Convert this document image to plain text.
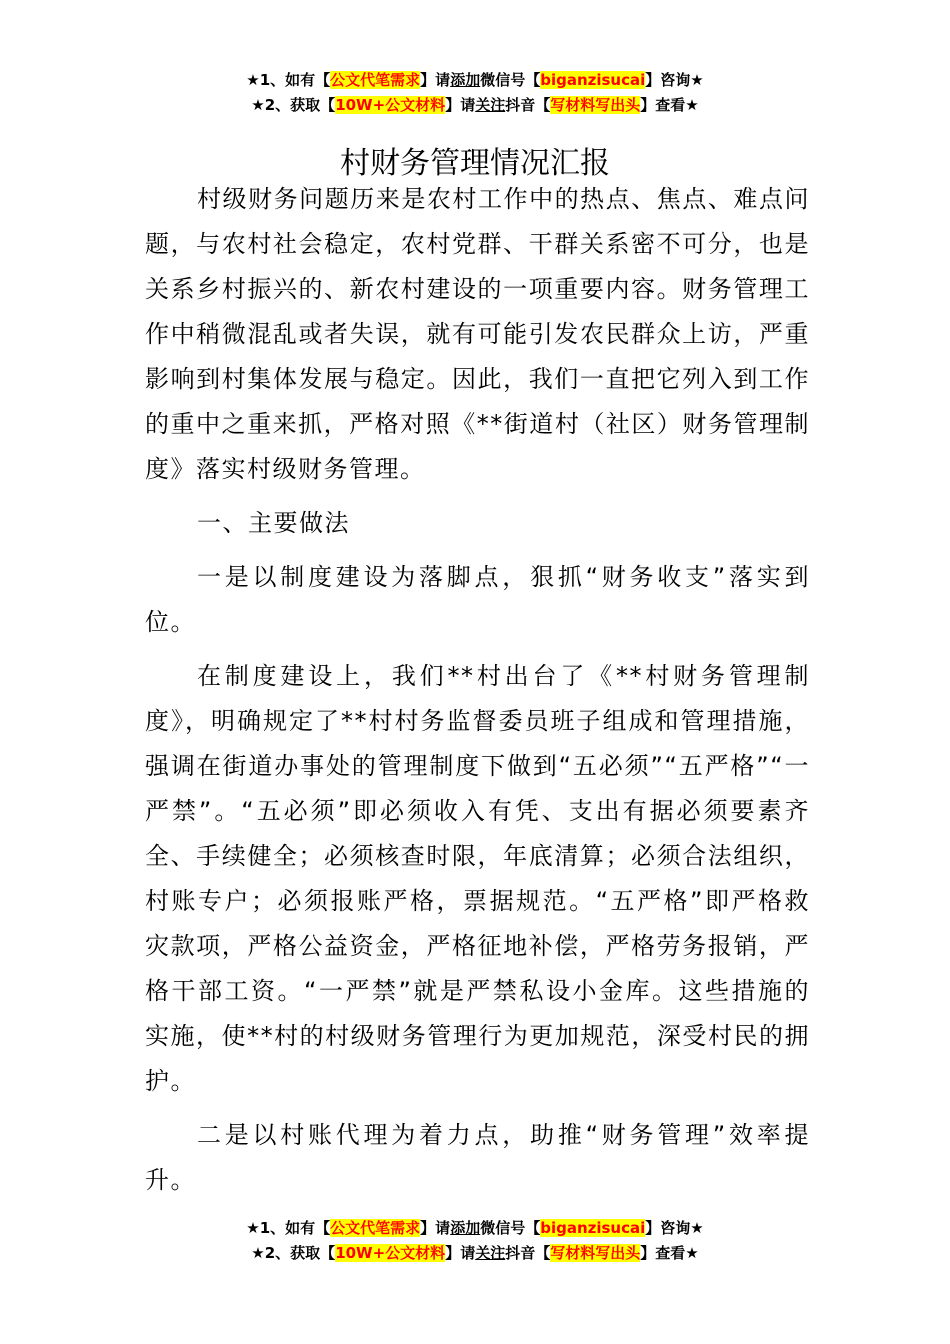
★1、如有【公文代笔需求】请添加微信号【biganzisucai】咨询★
★2、获取【10W+公文材料】请关注抖音【写材料写出头】查看★
村财务管理情况汇报

村级财务问题历来是农村工作中的热点、焦点、难点问题，与农村社会稳定，农村党群、干群关系密不可分，也是关系乡村振兴的、新农村建设的一项重要内容。财务管理工作中稍微混乱或者失误，就有可能引发农民群众上访，严重影响到村集体发展与稳定。因此，我们一直把它列入到工作的重中之重来抓，严格对照《**街道村（社区）财务管理制度》落实村级财务管理。

一、主要做法

一是以制度建设为落脚点，狠抓“财务收支”落实到位。

在制度建设上，我们**村出台了《**村财务管理制度》，明确规定了**村村务监督委员班子组成和管理措施，强调在街道办事处的管理制度下做到“五必须”“五严格”“一严禁”。“五必须”即必须收入有凭、支出有据必须要素齐全、手续健全；必须核查时限，年底清算；必须合法组织，村账专户；必须报账严格，票据规范。“五严格”即严格救灾款项，严格公益资金，严格征地补偿，严格劳务报销，严格干部工资。“一严禁”就是严禁私设小金库。这些措施的实施，使**村的村级财务管理行为更加规范，深受村民的拥护。

二是以村账代理为着力点，助推“财务管理”效率提升。

★1、如有【公文代笔需求】请添加微信号【biganzisucai】咨询★
★2、获取【10W+公文材料】请关注抖音【写材料写出头】查看★
